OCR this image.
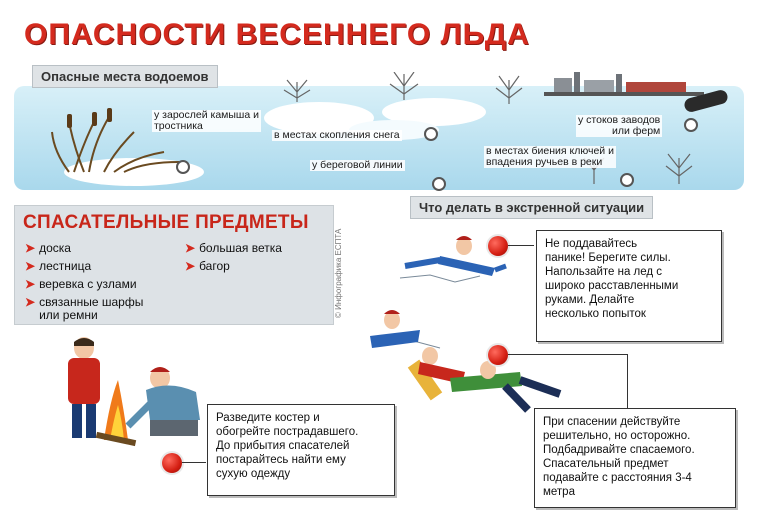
ОПАСНОСТИ ВЕСЕННЕГО ЛЬДА
Опасные места водоемов
у зарослей камыша и
тростника
в местах скопления снега
у береговой линии
у стоков заводов
или ферм
в местах биения ключей и
впадения ручьев в реки
Что делать в экстренной ситуации
СПАСАТЕЛЬНЫЕ ПРЕДМЕТЫ
➤ доска
➤ лестница
➤ веревка с узлами
➤ связанные шарфы
или ремни
➤ большая ветка
➤ багор	© Инфографика ЕСПТА	Не поддавайтесь
панике! Берегите силы.
Напользайте на лед с
широко расставленными
руками. Делайте
несколько попыток
При спасении действуйте
решительно, но осторожно.
Подбадривайте спасаемого.
Спасательный предмет
подавайте с расстояния 3-4
метра
Разведите костер и
обогрейте пострадавшего.
До прибытия спасателей
постарайтесь найти ему
сухую одежду
